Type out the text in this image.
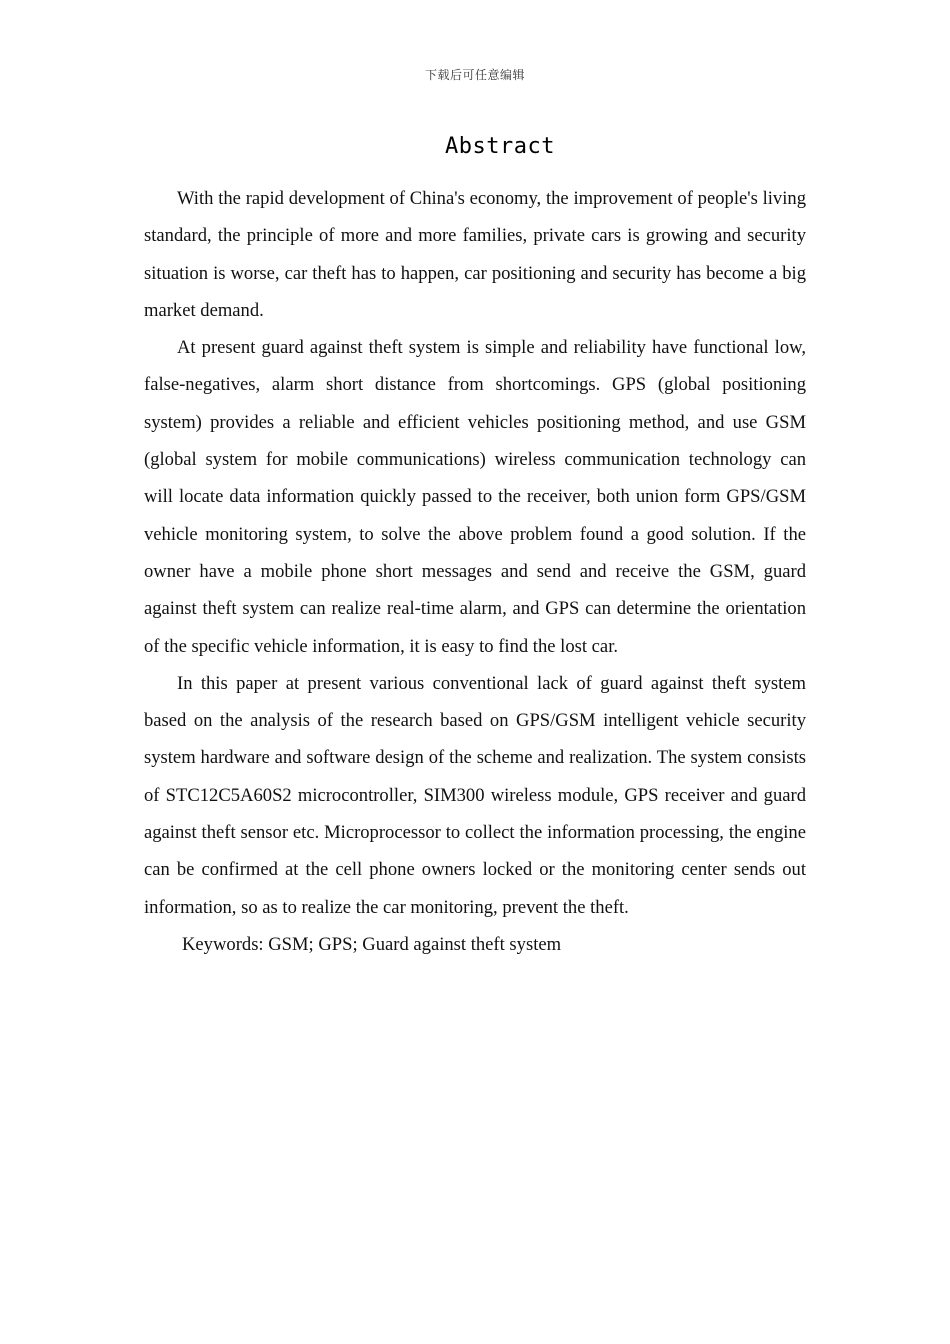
下载后可任意编辑
Abstract

With the rapid development of China's economy, the improvement of people's living standard, the principle of more and more families, private cars is growing and security situation is worse, car theft has to happen, car positioning and security has become a big market demand.

At present guard against theft system is simple and reliability have functional low, false-negatives, alarm short distance from shortcomings. GPS (global positioning system) provides a reliable and efficient vehicles positioning method, and use GSM (global system for mobile communications) wireless communication technology can will locate data information quickly passed to the receiver, both union form GPS/GSM vehicle monitoring system, to solve the above problem found a good solution. If the owner have a mobile phone short messages and send and receive the GSM, guard against theft system can realize real-time alarm, and GPS can determine the orientation of the specific vehicle information, it is easy to find the lost car.

In this paper at present various conventional lack of guard against theft system based on the analysis of the research based on GPS/GSM intelligent vehicle security system hardware and software design of the scheme and realization. The system consists of STC12C5A60S2 microcontroller, SIM300 wireless module, GPS receiver and guard against theft sensor etc. Microprocessor to collect the information processing, the engine can be confirmed at the cell phone owners locked or the monitoring center sends out information, so as to realize the car monitoring, prevent the theft.

Keywords: GSM; GPS; Guard against theft system
